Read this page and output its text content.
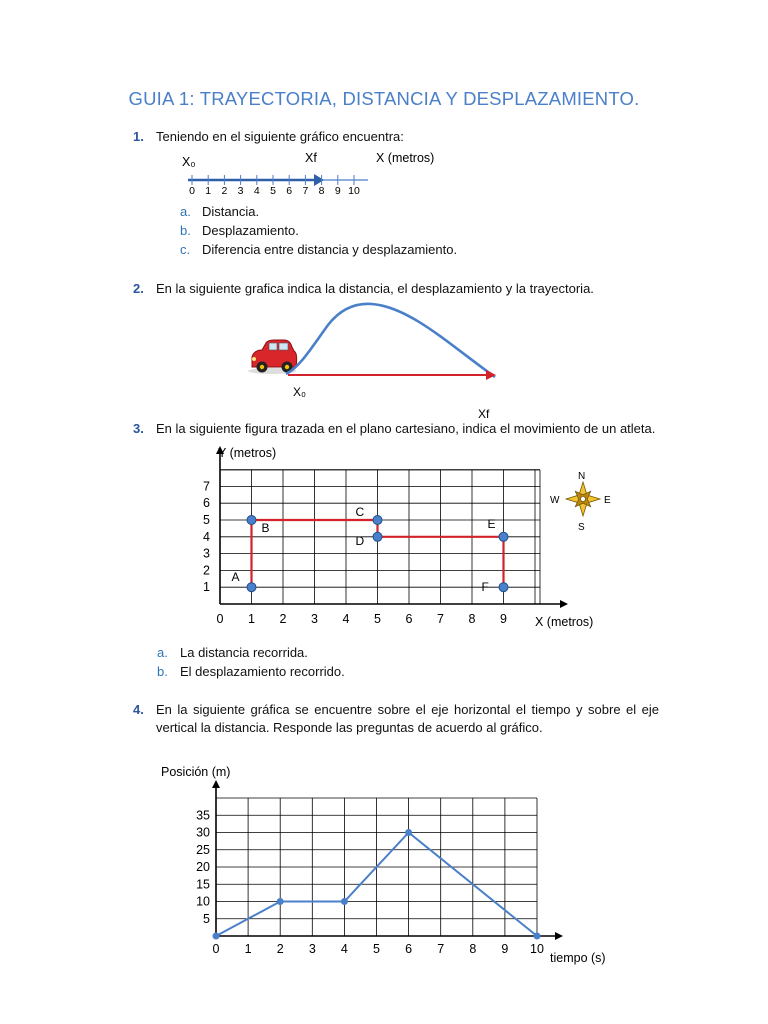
GUIA 1: TRAYECTORIA, DISTANCIA Y DESPLAZAMIENTO.
1. Teniendo en el siguiente gráfico encuentra:
X₀	Xf	X (metros)
0 1 2 3 4 5 6 7 8 9 10
a. Distancia.
b. Desplazamiento.
c. Diferencia entre distancia y desplazamiento.
2. En la siguiente grafica indica la distancia, el desplazamiento y la trayectoria.
X₀
Xf
3. En la siguiente figura trazada en el plano cartesiano, indica el movimiento de un atleta.
A
B
C
D
E
F
0 1 2 3 4 5 6 7 8 9
1
2
3
4
5
6
7
Y (metros)
X (metros)
N
S
W	E
a. La distancia recorrida.
b. El desplazamiento recorrido.
4. En la siguiente gráfica se encuentre sobre el eje horizontal el tiempo y sobre el eje
vertical la distancia. Responde las preguntas de acuerdo al gráfico.
0 1 2 3 4 5 6 7 8 9 10
5
10
15
20
25
30
35
Posición (m)
tiempo (s)
